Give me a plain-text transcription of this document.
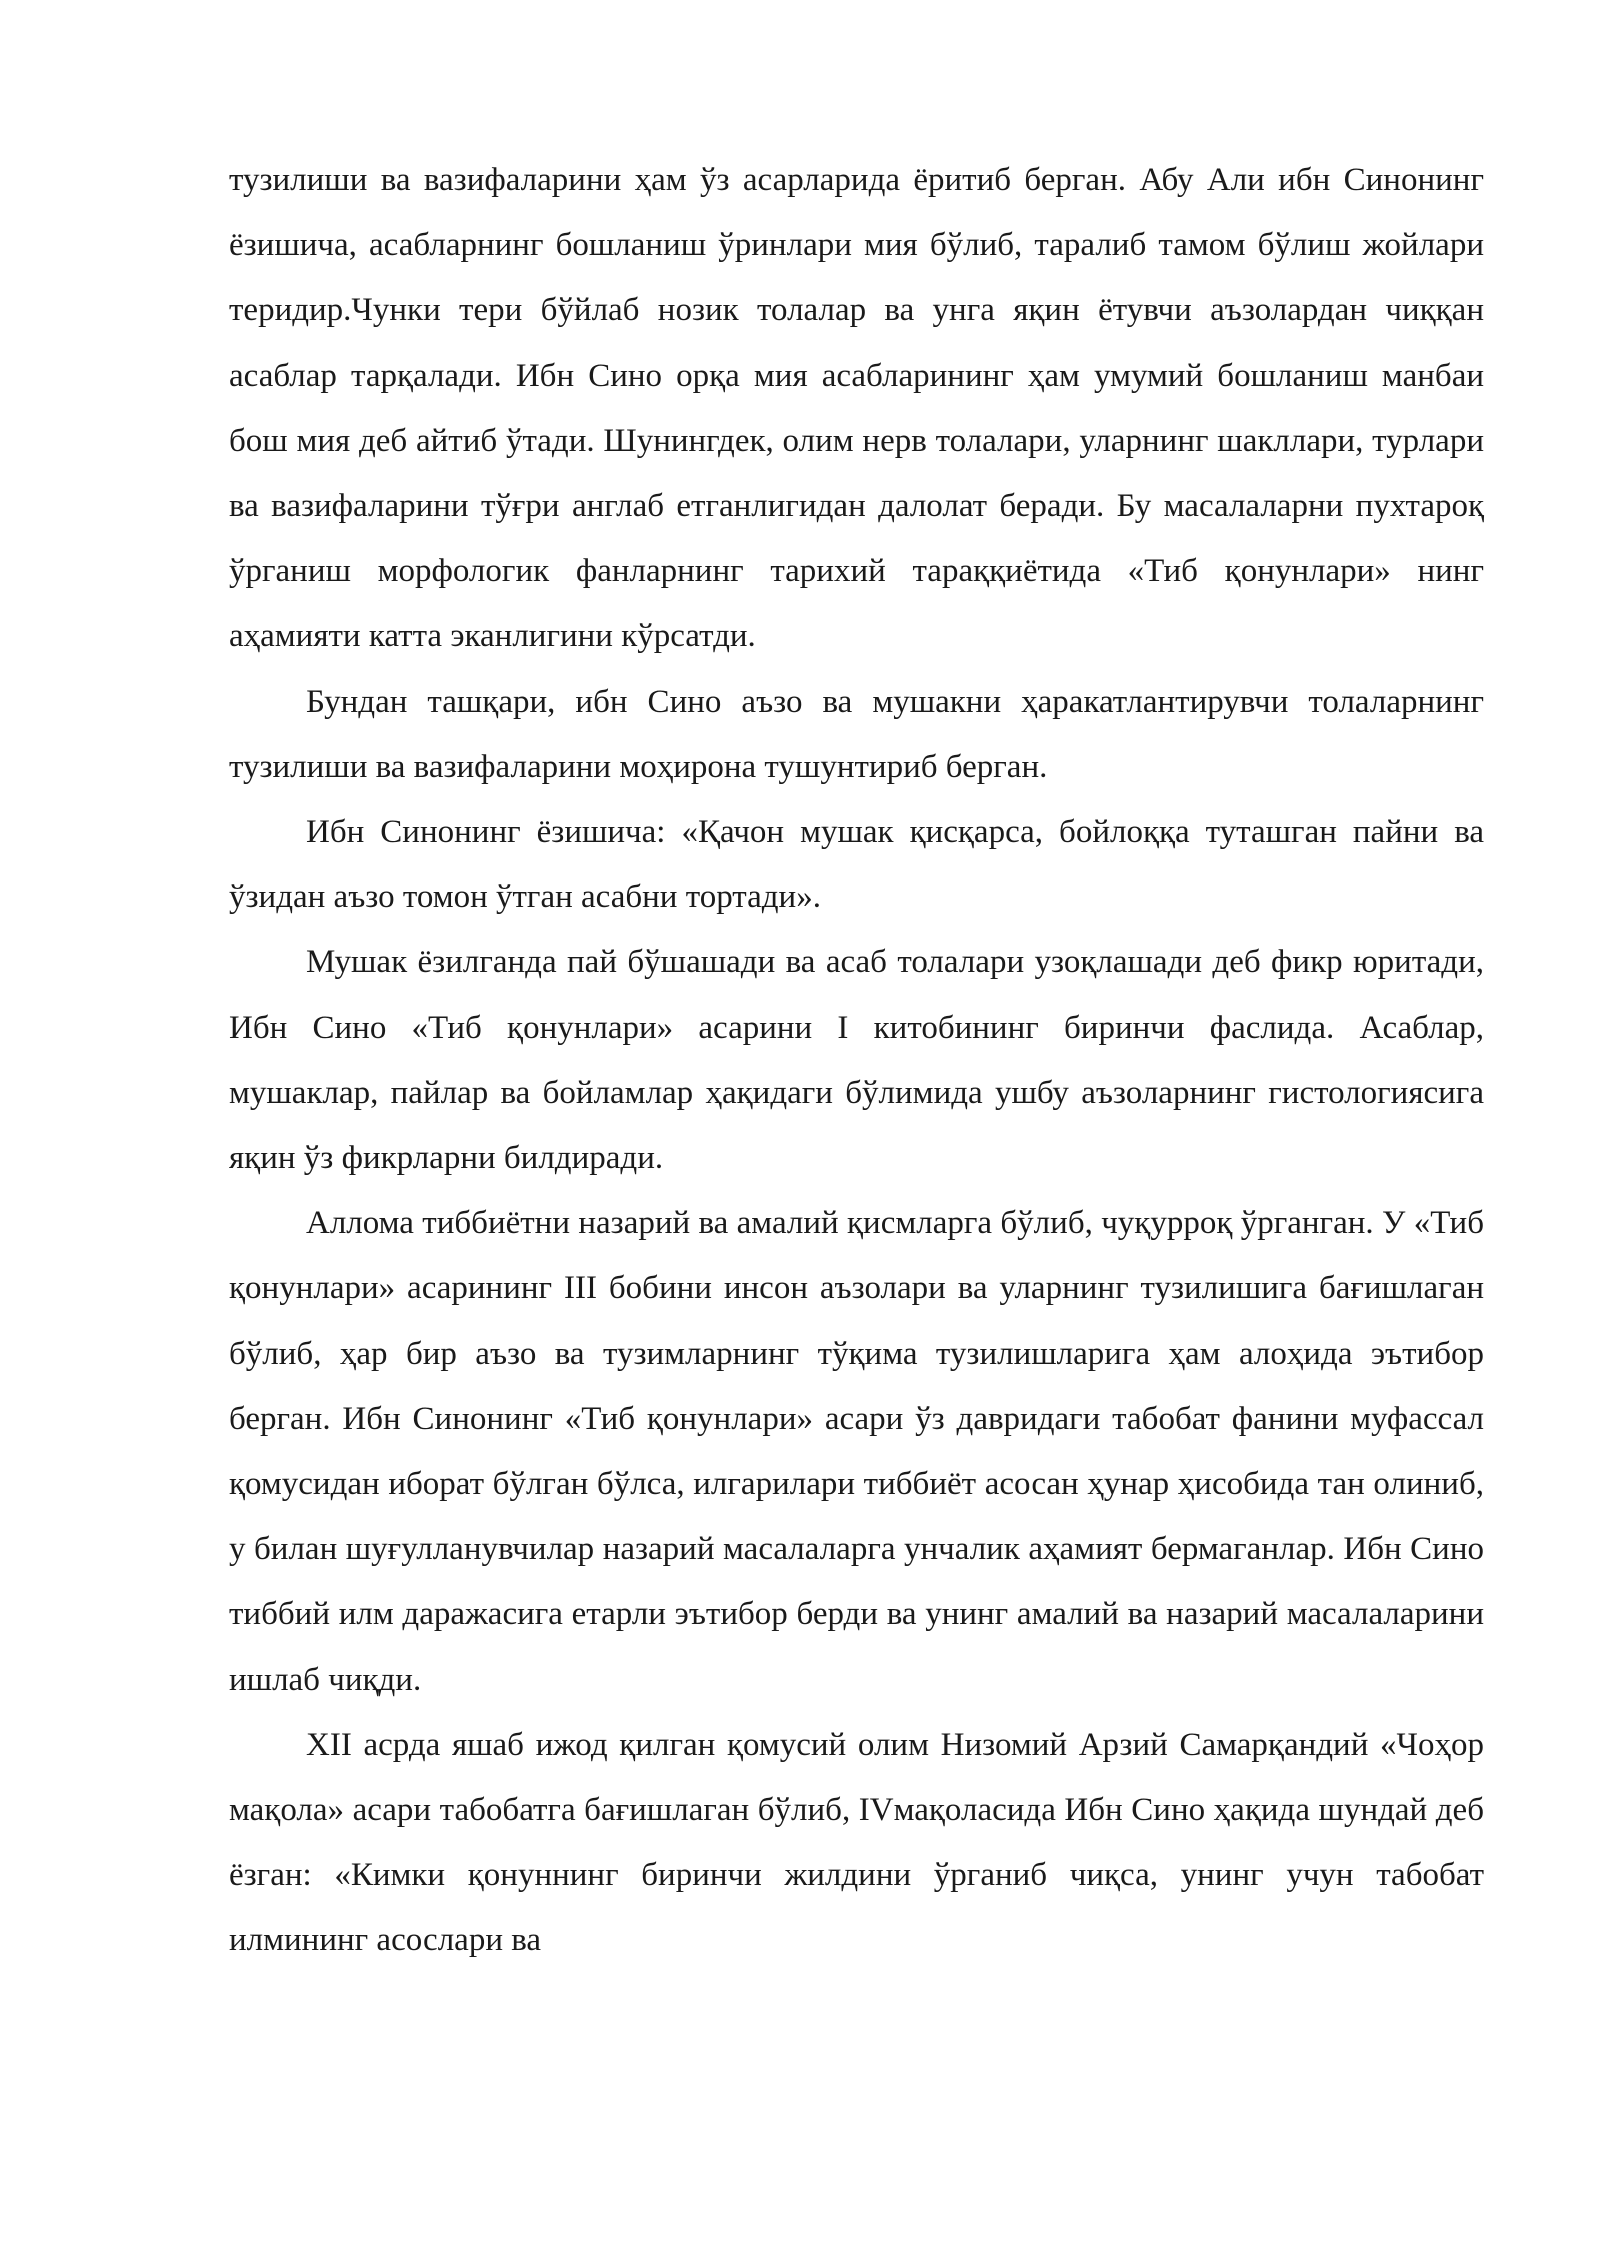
тузилиши ва вазифаларини ҳам ўз асарларида ёритиб берган. Абу Али ибн Синонинг ёзишича, асабларнинг бошланиш ўринлари мия бўлиб, таралиб тамом бўлиш жойлари теридир.Чунки тери бўйлаб нозик толалар ва унга яқин ётувчи аъзолардан чиққан асаблар тарқалади. Ибн Сино орқа мия асабларининг ҳам умумий бошланиш манбаи бош мия деб айтиб ўтади. Шунингдек, олим нерв толалари, уларнинг шакллари, турлари ва вазифаларини тўғри англаб етганлигидан далолат беради. Бу масалаларни пухтароқ ўрганиш морфологик фанларнинг тарихий тараққиётида «Тиб қонунлари» нинг аҳамияти катта эканлигини кўрсатди.

Бундан ташқари, ибн Сино аъзо ва мушакни ҳаракатлантирувчи толаларнинг тузилиши ва вазифаларини моҳирона тушунтириб берган.

Ибн Синонинг ёзишича: «Қачон мушак қисқарса, бойлоққа туташган пайни ва ўзидан аъзо томон ўтган асабни тортади».

Мушак ёзилганда пай бўшашади ва асаб толалари узоқлашади деб фикр юритади, Ибн Сино «Тиб қонунлари» асарини I китобининг биринчи фаслида. Асаблар, мушаклар, пайлар ва бойламлар ҳақидаги бўлимида ушбу аъзоларнинг гистологиясига яқин ўз фикрларни билдиради.

Аллома тиббиётни назарий ва амалий қисмларга бўлиб, чуқурроқ ўрганган. У «Тиб қонунлари» асарининг III бобини инсон аъзолари ва уларнинг тузилишига бағишлаган бўлиб, ҳар бир аъзо ва тузимларнинг тўқима тузилишларига ҳам алоҳида эътибор берган. Ибн Синонинг «Тиб қонунлари» асари ўз давридаги табобат фанини муфассал қомусидан иборат бўлган бўлса, илгарилари тиббиёт асосан ҳунар ҳисобида тан олиниб, у билан шуғулланувчилар назарий масалаларга унчалик аҳамият бермаганлар. Ибн Сино тиббий илм даражасига етарли эътибор берди ва унинг амалий ва назарий масалаларини ишлаб чиқди.

XII асрда яшаб ижод қилган қомусий олим Низомий Арзий Самарқандий «Чоҳор мақола» асари табобатга бағишлаган бўлиб, IVмақоласида Ибн Сино ҳақида шундай деб ёзган: «Кимки қонуннинг биринчи жилдини ўрганиб чиқса, унинг учун табобат илмининг асослари ва
